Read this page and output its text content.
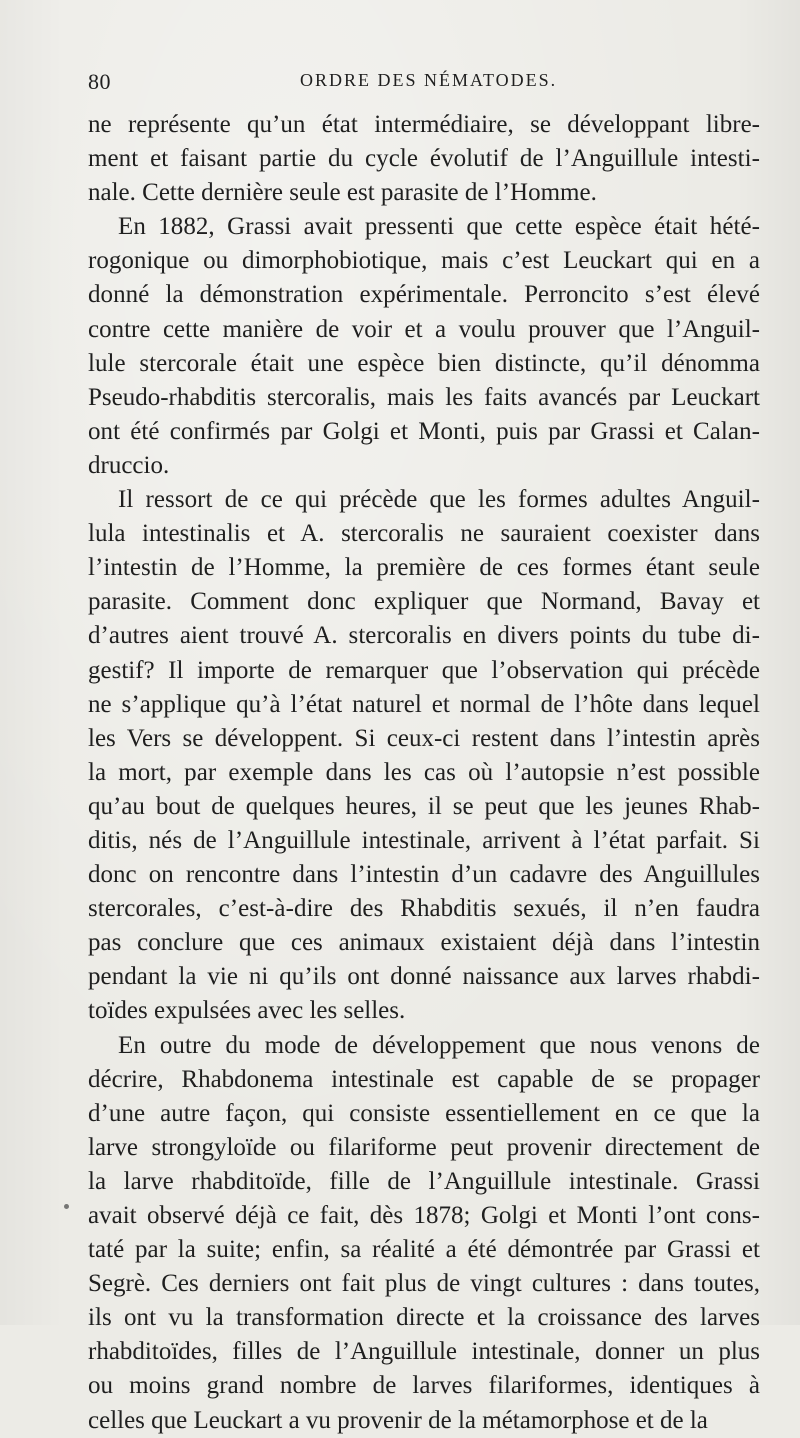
80	ORDRE DES NÉMATODES.
ne représente qu’un état intermédiaire, se développant libre-
ment et faisant partie du cycle évolutif de l’Anguillule intesti-
nale. Cette dernière seule est parasite de l’Homme.
En 1882, Grassi avait pressenti que cette espèce était hété-
rogonique ou dimorphobiotique, mais c’est Leuckart qui en a
donné la démonstration expérimentale. Perroncito s’est élevé
contre cette manière de voir et a voulu prouver que l’Anguil-
lule stercorale était une espèce bien distincte, qu’il dénomma
Pseudo-rhabditis stercoralis, mais les faits avancés par Leuckart
ont été confirmés par Golgi et Monti, puis par Grassi et Calan-
druccio.
Il ressort de ce qui précède que les formes adultes Anguil-
lula intestinalis et A. stercoralis ne sauraient coexister dans
l’intestin de l’Homme, la première de ces formes étant seule
parasite. Comment donc expliquer que Normand, Bavay et
d’autres aient trouvé A. stercoralis en divers points du tube di-
gestif? Il importe de remarquer que l’observation qui précède
ne s’applique qu’à l’état naturel et normal de l’hôte dans lequel
les Vers se développent. Si ceux-ci restent dans l’intestin après
la mort, par exemple dans les cas où l’autopsie n’est possible
qu’au bout de quelques heures, il se peut que les jeunes Rhab-
ditis, nés de l’Anguillule intestinale, arrivent à l’état parfait. Si
donc on rencontre dans l’intestin d’un cadavre des Anguillules
stercorales, c’est-à-dire des Rhabditis sexués, il n’en faudra
pas conclure que ces animaux existaient déjà dans l’intestin
pendant la vie ni qu’ils ont donné naissance aux larves rhabdi-
toïdes expulsées avec les selles.
En outre du mode de développement que nous venons de
décrire, Rhabdonema intestinale est capable de se propager
d’une autre façon, qui consiste essentiellement en ce que la
larve strongyloïde ou filariforme peut provenir directement de
la larve rhabditoïde, fille de l’Anguillule intestinale. Grassi
avait observé déjà ce fait, dès 1878; Golgi et Monti l’ont cons-
taté par la suite; enfin, sa réalité a été démontrée par Grassi et
Segrè. Ces derniers ont fait plus de vingt cultures : dans toutes,
ils ont vu la transformation directe et la croissance des larves
rhabditoïdes, filles de l’Anguillule intestinale, donner un plus
ou moins grand nombre de larves filariformes, identiques à
celles que Leuckart a vu provenir de la métamorphose et de la
